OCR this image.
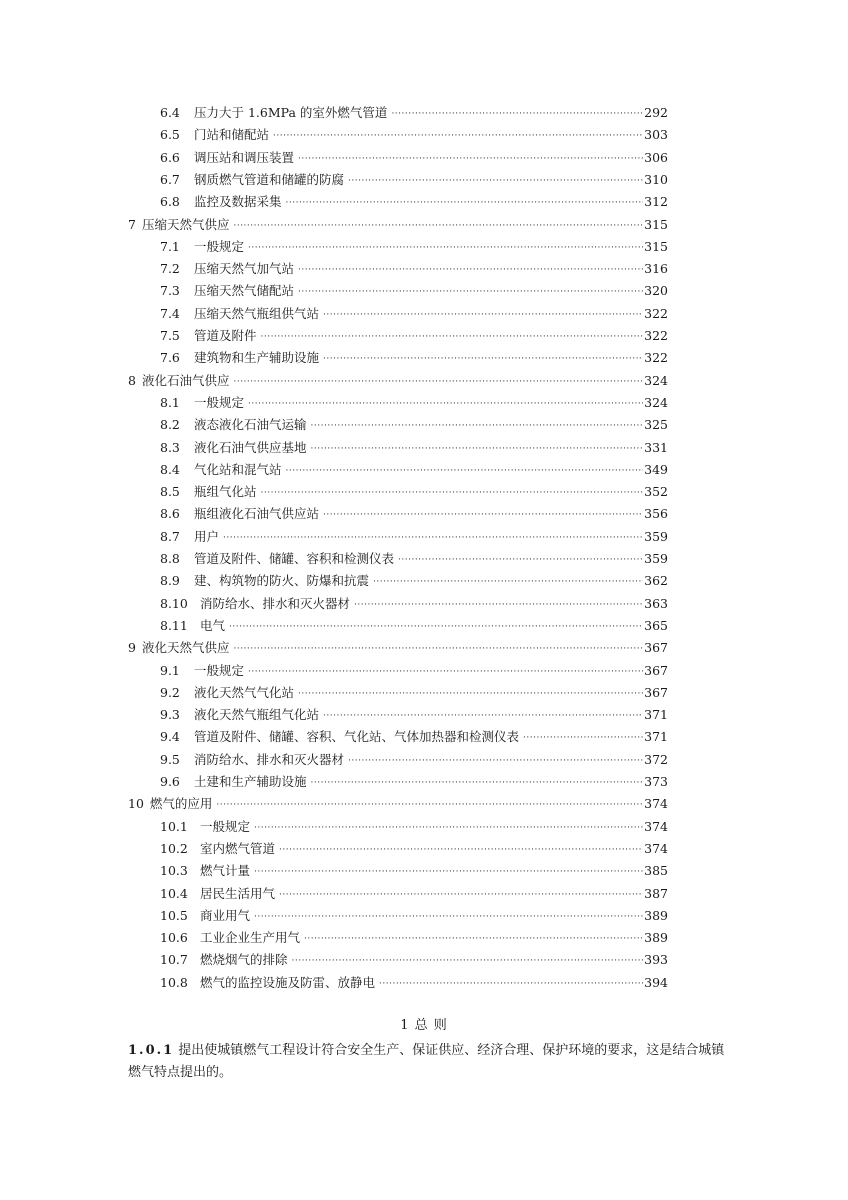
6.4	压力大于 1.6MPa 的室外燃气管道 ·····	292
6.5	门站和储配站 ·····	303
6.6	调压站和调压装置 ·····	306
6.7	钢质燃气管道和储罐的防腐 ·····	310
6.8	监控及数据采集 ·····	312
7 压缩天然气供应 ·····	315
7.1	一般规定 ·····	315
7.2	压缩天然气加气站 ·····	316
7.3	压缩天然气储配站 ·····	320
7.4	压缩天然气瓶组供气站 ·····	322
7.5	管道及附件 ·····	322
7.6	建筑物和生产辅助设施 ·····	322
8 液化石油气供应 ·····	324
8.1	一般规定 ·····	324
8.2	液态液化石油气运输 ·····	325
8.3	液化石油气供应基地 ·····	331
8.4	气化站和混气站 ·····	349
8.5	瓶组气化站 ·····	352
8.6	瓶组液化石油气供应站 ·····	356
8.7	用户 ·····	359
8.8	管道及附件、储罐、容积和检测仪表 ·····	359
8.9	建、构筑物的防火、防爆和抗震 ·····	362
8.10 消防给水、排水和灭火器材 ·····	363
8.11 电气 ·····	365
9 液化天然气供应 ·····	367
9.1	一般规定 ·····	367
9.2	液化天然气气化站 ·····	367
9.3	液化天然气瓶组气化站 ·····	371
9.4	管道及附件、储罐、容积、气化站、气体加热器和检测仪表 ·····	371
9.5	消防给水、排水和灭火器材 ·····	372
9.6	土建和生产辅助设施 ·····	373
10 燃气的应用 ·····	374
10.1 一般规定 ·····	374
10.2 室内燃气管道 ·····	374
10.3 燃气计量 ·····	385
10.4 居民生活用气 ·····	387
10.5 商业用气 ·····	389
10.6 工业企业生产用气 ·····	389
10.7 燃烧烟气的排除 ·····	393
10.8 燃气的监控设施及防雷、放静电 ·····	394
1 总 则
1.0.1 提出使城镇燃气工程设计符合安全生产、保证供应、经济合理、保护环境的要求，这是结合城镇燃气特点提出的。
